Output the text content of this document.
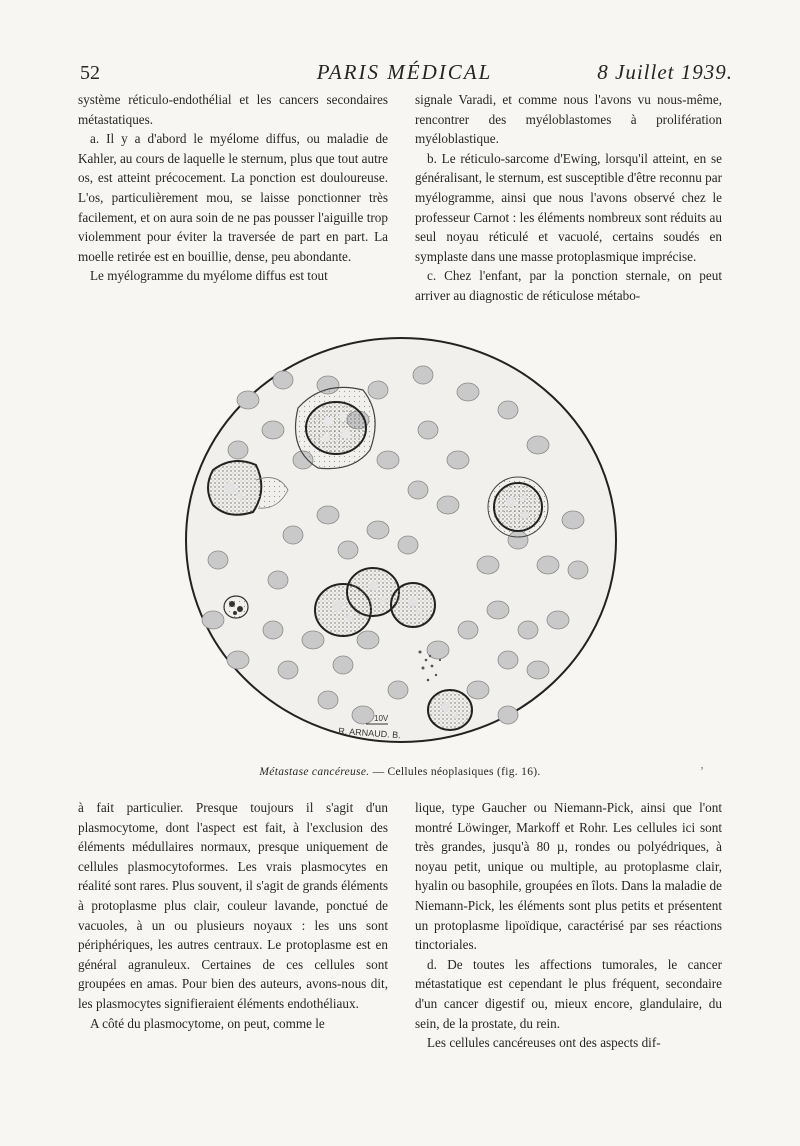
52	PARIS MÉDICAL	8 Juillet 1939.

système réticulo-endothélial et les cancers secondaires métastatiques.

a. Il y a d'abord le myélome diffus, ou maladie de Kahler, au cours de laquelle le sternum, plus que tout autre os, est atteint précocement. La ponction est douloureuse. L'os, particulièrement mou, se laisse ponctionner très facilement, et on aura soin de ne pas pousser l'aiguille trop violemment pour éviter la traversée de part en part. La moelle retirée est en bouillie, dense, peu abondante.

Le myélogramme du myélome diffus est tout

signale Varadi, et comme nous l'avons vu nous-même, rencontrer des myéloblastomes à prolifération myéloblastique.

b. Le réticulo-sarcome d'Ewing, lorsqu'il atteint, en se généralisant, le sternum, est susceptible d'être reconnu par myélogramme, ainsi que nous l'avons observé chez le professeur Carnot : les éléments nombreux sont réduits au seul noyau réticulé et vacuolé, certains soudés en symplaste dans une masse protoplasmique imprécise.

c. Chez l'enfant, par la ponction sternale, on peut arriver au diagnostic de réticulose métabo-

10V
R. ARNAUD. B.
Métastase cancéreuse. — Cellules néoplasiques (fig. 16).	ʼ

à fait particulier. Presque toujours il s'agit d'un plasmocytome, dont l'aspect est fait, à l'exclusion des éléments médullaires normaux, presque uniquement de cellules plasmocytoformes. Les vrais plasmocytes en réalité sont rares. Plus souvent, il s'agit de grands éléments à protoplasme plus clair, couleur lavande, ponctué de vacuoles, à un ou plusieurs noyaux : les uns sont périphériques, les autres centraux. Le protoplasme est en général agranuleux. Certaines de ces cellules sont groupées en amas. Pour bien des auteurs, avons-nous dit, les plasmocytes signifieraient éléments endothéliaux.

A côté du plasmocytome, on peut, comme le

lique, type Gaucher ou Niemann-Pick, ainsi que l'ont montré Löwinger, Markoff et Rohr. Les cellules ici sont très grandes, jusqu'à 80 µ, rondes ou polyédriques, à noyau petit, unique ou multiple, au protoplasme clair, hyalin ou basophile, groupées en îlots. Dans la maladie de Niemann-Pick, les éléments sont plus petits et présentent un protoplasme lipoïdique, caractérisé par ses réactions tinctoriales.

d. De toutes les affections tumorales, le cancer métastatique est cependant le plus fréquent, secondaire d'un cancer digestif ou, mieux encore, glandulaire, du sein, de la prostate, du rein.

Les cellules cancéreuses ont des aspects dif-
